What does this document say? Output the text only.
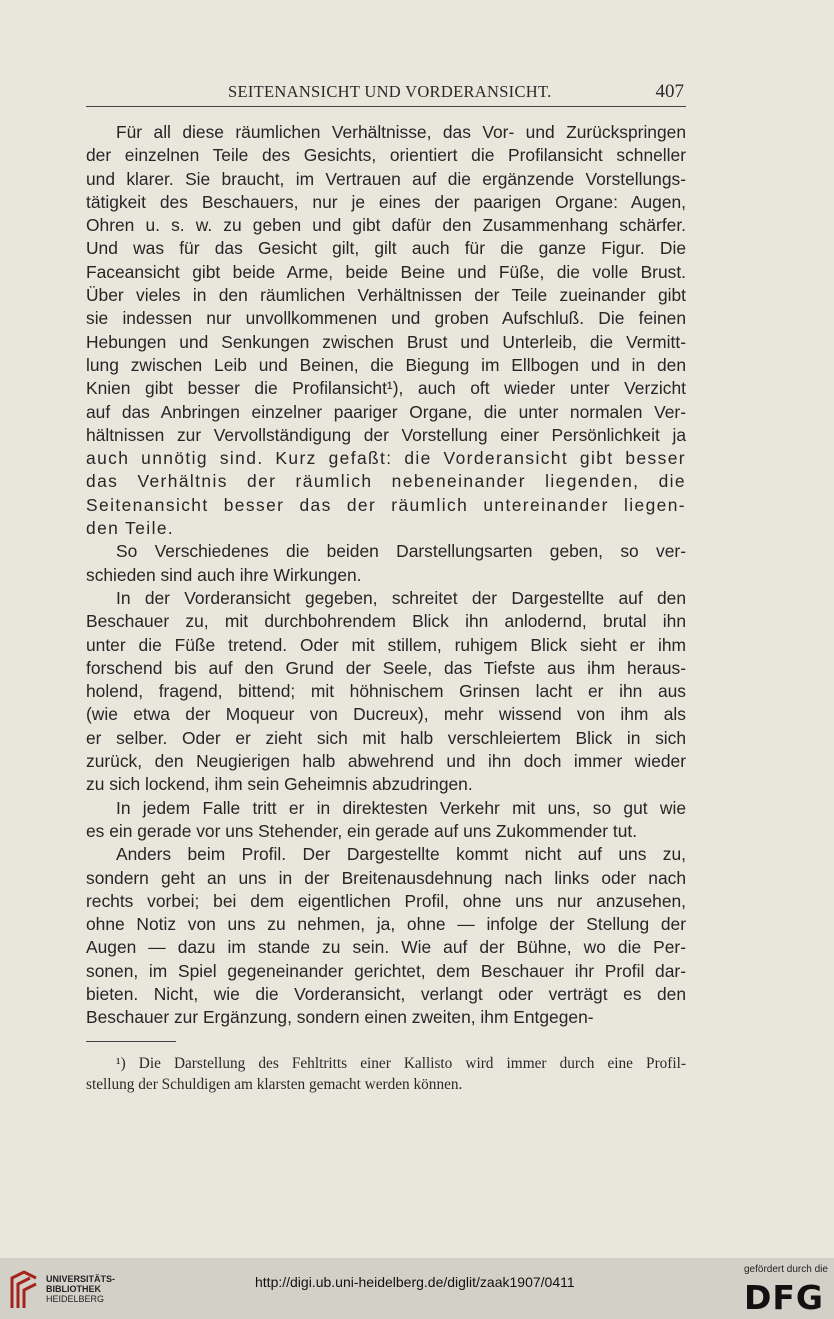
SEITENANSICHT UND VORDERANSICHT.	407
Für all diese räumlichen Verhältnisse, das Vor- und Zurückspringen
der einzelnen Teile des Gesichts, orientiert die Profilansicht schneller
und klarer. Sie braucht, im Vertrauen auf die ergänzende Vorstellungs-
tätigkeit des Beschauers, nur je eines der paarigen Organe: Augen,
Ohren u. s. w. zu geben und gibt dafür den Zusammenhang schärfer.
Und was für das Gesicht gilt, gilt auch für die ganze Figur. Die
Faceansicht gibt beide Arme, beide Beine und Füße, die volle Brust.
Über vieles in den räumlichen Verhältnissen der Teile zueinander gibt
sie indessen nur unvollkommenen und groben Aufschluß. Die feinen
Hebungen und Senkungen zwischen Brust und Unterleib, die Vermitt-
lung zwischen Leib und Beinen, die Biegung im Ellbogen und in den
Knien gibt besser die Profilansicht¹), auch oft wieder unter Verzicht
auf das Anbringen einzelner paariger Organe, die unter normalen Ver-
hältnissen zur Vervollständigung der Vorstellung einer Persönlichkeit ja
auch unnötig sind. Kurz gefaßt: die Vorderansicht gibt besser
das Verhältnis der räumlich nebeneinander liegenden, die
Seitenansicht besser das der räumlich untereinander liegen-
den Teile.
So Verschiedenes die beiden Darstellungsarten geben, so ver-
schieden sind auch ihre Wirkungen.
In der Vorderansicht gegeben, schreitet der Dargestellte auf den
Beschauer zu, mit durchbohrendem Blick ihn anlodernd, brutal ihn
unter die Füße tretend. Oder mit stillem, ruhigem Blick sieht er ihm
forschend bis auf den Grund der Seele, das Tiefste aus ihm heraus-
holend, fragend, bittend; mit höhnischem Grinsen lacht er ihn aus
(wie etwa der Moqueur von Ducreux), mehr wissend von ihm als
er selber. Oder er zieht sich mit halb verschleiertem Blick in sich
zurück, den Neugierigen halb abwehrend und ihn doch immer wieder
zu sich lockend, ihm sein Geheimnis abzudringen.
In jedem Falle tritt er in direktesten Verkehr mit uns, so gut wie
es ein gerade vor uns Stehender, ein gerade auf uns Zukommender tut.
Anders beim Profil. Der Dargestellte kommt nicht auf uns zu,
sondern geht an uns in der Breitenausdehnung nach links oder nach
rechts vorbei; bei dem eigentlichen Profil, ohne uns nur anzusehen,
ohne Notiz von uns zu nehmen, ja, ohne — infolge der Stellung der
Augen — dazu im stande zu sein. Wie auf der Bühne, wo die Per-
sonen, im Spiel gegeneinander gerichtet, dem Beschauer ihr Profil dar-
bieten. Nicht, wie die Vorderansicht, verlangt oder verträgt es den
Beschauer zur Ergänzung, sondern einen zweiten, ihm Entgegen-
¹) Die Darstellung des Fehltritts einer Kallisto wird immer durch eine Profil-
stellung der Schuldigen am klarsten gemacht werden können.
UNIVERSITÄTS-
BIBLIOTHEK
HEIDELBERG
http://digi.ub.uni-heidelberg.de/diglit/zaak1907/0411
gefördert durch die
DFG
